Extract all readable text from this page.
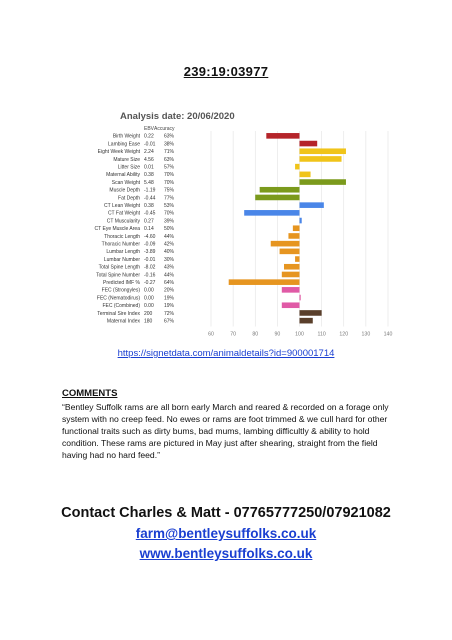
239:19:03977
Analysis date: 20/06/2020
EBV Accuracy
60	70	80	90	100	110	120	130	140
Birth Weight 0.22 63%
Lambing Ease -0.01 38%
Eight Week Weight 2.24 71%
Mature Size 4.56 63%
Litter Size 0.01 57%
Maternal Ability 0.38 70%
Scan Weight 5.48 70%
Muscle Depth -1.19 75%
Fat Depth -0.44 77%
CT Lean Weight 0.38 53%
CT Fat Weight -0.45 70%
CT Muscularity 0.27 39%
CT Eye Muscle Area 0.14 50%
Thoracic Length -4.60 44%
Thoracic Number -0.09 42%
Lumbar Length -3.89 40%
Lumbar Number -0.01 30%
Total Spine Length -8.02 43%
Total Spine Number -0.16 44%
Predicted IMF % -0.27 64%
FEC (Strongyles) 0.00 20%
FEC (Nematodirus) 0.00 19%
FEC (Combined) 0.00 19%
Terminal Sire Index 200 72%
Maternal Index 180 67%
https://signetdata.com/animaldetails?id=900001714
COMMENTS
“Bentley Suffolk rams are all born early March and reared & recorded on a forage only system with no creep feed. No ewes or rams are foot trimmed & we cull hard for other functional traits such as dirty bums, bad mums, lambing difficultly & ability to hold condition. These rams are pictured in May just after shearing, straight from the field having had no hard feed.”
Contact Charles & Matt - 07765777250/07921082
farm@bentleysuffolks.co.uk
www.bentleysuffolks.co.uk
